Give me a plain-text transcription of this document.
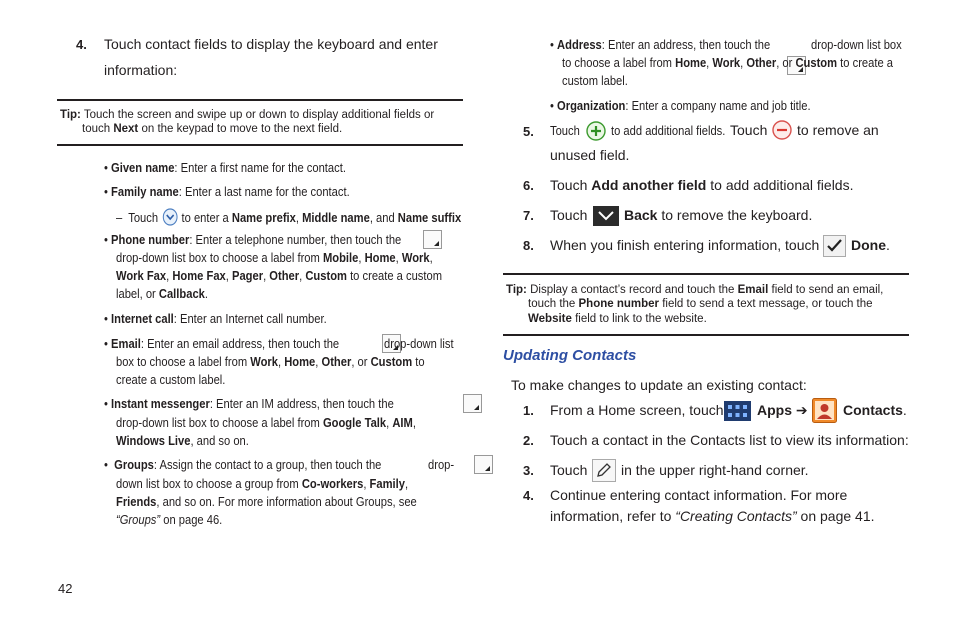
4. Touch contact fields to display the keyboard and enter
information:
Tip: Touch the screen and swipe up or down to display additional fields or
touch Next on the keypad to move to the next field.
• Given name: Enter a first name for the contact.
• Family name: Enter a last name for the contact.
– Touch to enter a Name prefix, Middle name, and Name suffix
• Phone number: Enter a telephone number, then touch the

drop-down list box to choose a label from Mobile, Home, Work,
Work Fax, Home Fax, Pager, Other, Custom to create a custom
label, or Callback.
• Internet call: Enter an Internet call number.
• Email: Enter an email address, then touch the
	drop-down list
box to choose a label from Work, Home, Other, or Custom to
create a custom label.
• Instant messenger: Enter an IM address, then touch the

drop-down list box to choose a label from Google Talk, AIM,
Windows Live, and so on.
• Groups: Assign the contact to a group, then touch the	drop-
down list box to choose a group from Co-workers, Family,
Friends, and so on. For more information about Groups, see
“Groups” on page 46.
42
• Address: Enter an address, then touch the	drop-down list box
to choose a label from Home, Work, Other, or Custom to create a
custom label.
• Organization: Enter a company name and job title.
5. Touch to add additional fields. Touch to remove an
unused field.
6. Touch Add another field to add additional fields.
7. Touch	Back to remove the keyboard.
8. When you finish entering information, touch Done.
Tip: Display a contact’s record and touch the Email field to send an email,
touch the Phone number field to send a text message, or touch the
Website field to link to the website.
Updating Contacts
To make changes to update an existing contact:
1. From a Home screen, touch Apps ➔	Contacts.
2. Touch a contact in the Contacts list to view its information:
3. Touch in the upper right-hand corner.
4. Continue entering contact information. For more
information, refer to “Creating Contacts” on page 41.
